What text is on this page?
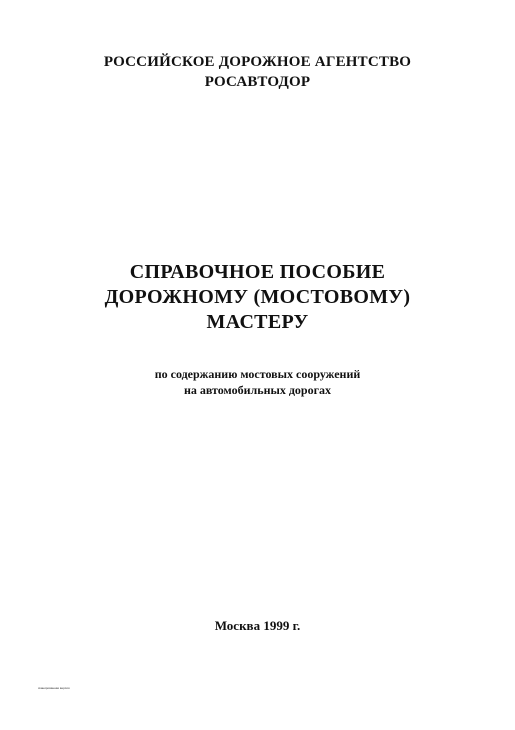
РОССИЙСКОЕ ДОРОЖНОЕ АГЕНТСТВО
РОСАВТОДОР
СПРАВОЧНОЕ ПОСОБИЕ
ДОРОЖНОМУ (МОСТОВОМУ)
МАСТЕРУ
по содержанию мостовых сооружений
на автомобильных дорогах
Москва 1999 г.
сканированная версия
